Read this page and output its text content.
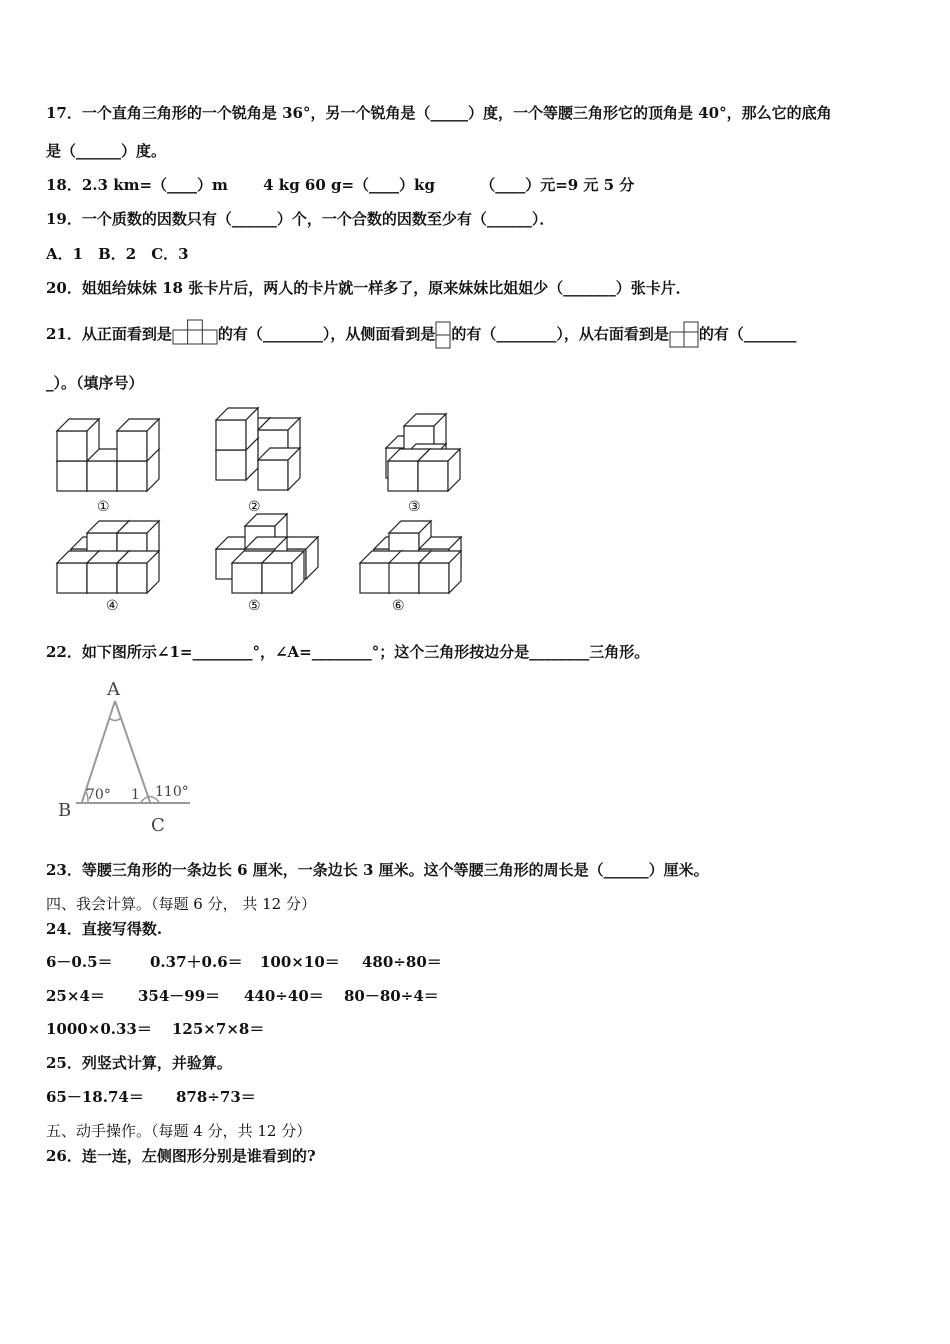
17．一个直角三角形的一个锐角是 36°，另一个锐角是（_____）度，一个等腰三角形它的顶角是 40°，那么它的底角
是（______）度。
18．2.3 km=（____）m 4 kg 60 g=（____）kg	（____）元=9 元 5 分
19．一个质数的因数只有（______）个，一个合数的因数至少有（______）．
A．1　B．2　C．3
20．姐姐给妹妹 18 张卡片后，两人的卡片就一样多了，原来妹妹比姐姐少（_______）张卡片．
21．从正面看到是	的有（________），从侧面看到是 的有（________），从右面看到是 的有（_______
_）。（填序号）
①	②	③
④	⑤	⑥
22．如下图所示∠1=________°，∠A=________°；这个三角形按边分是________三角形。
A
B
C
70° 1 110°
23．等腰三角形的一条边长 6 厘米，一条边长 3 厘米。这个等腰三角形的周长是（______）厘米。
四、我会计算。（每题 6 分， 共 12 分）
24．直接写得数.
6－0.5＝ 0.37＋0.6＝ 100×10＝ 480÷80＝
25×4＝ 354－99＝ 440÷40＝ 80－80÷4＝
1000×0.33＝ 125×7×8＝
25．列竖式计算，并验算。
65－18.74＝ 878÷73＝
五、动手操作。（每题 4 分，共 12 分）
26．连一连，左侧图形分别是谁看到的?
